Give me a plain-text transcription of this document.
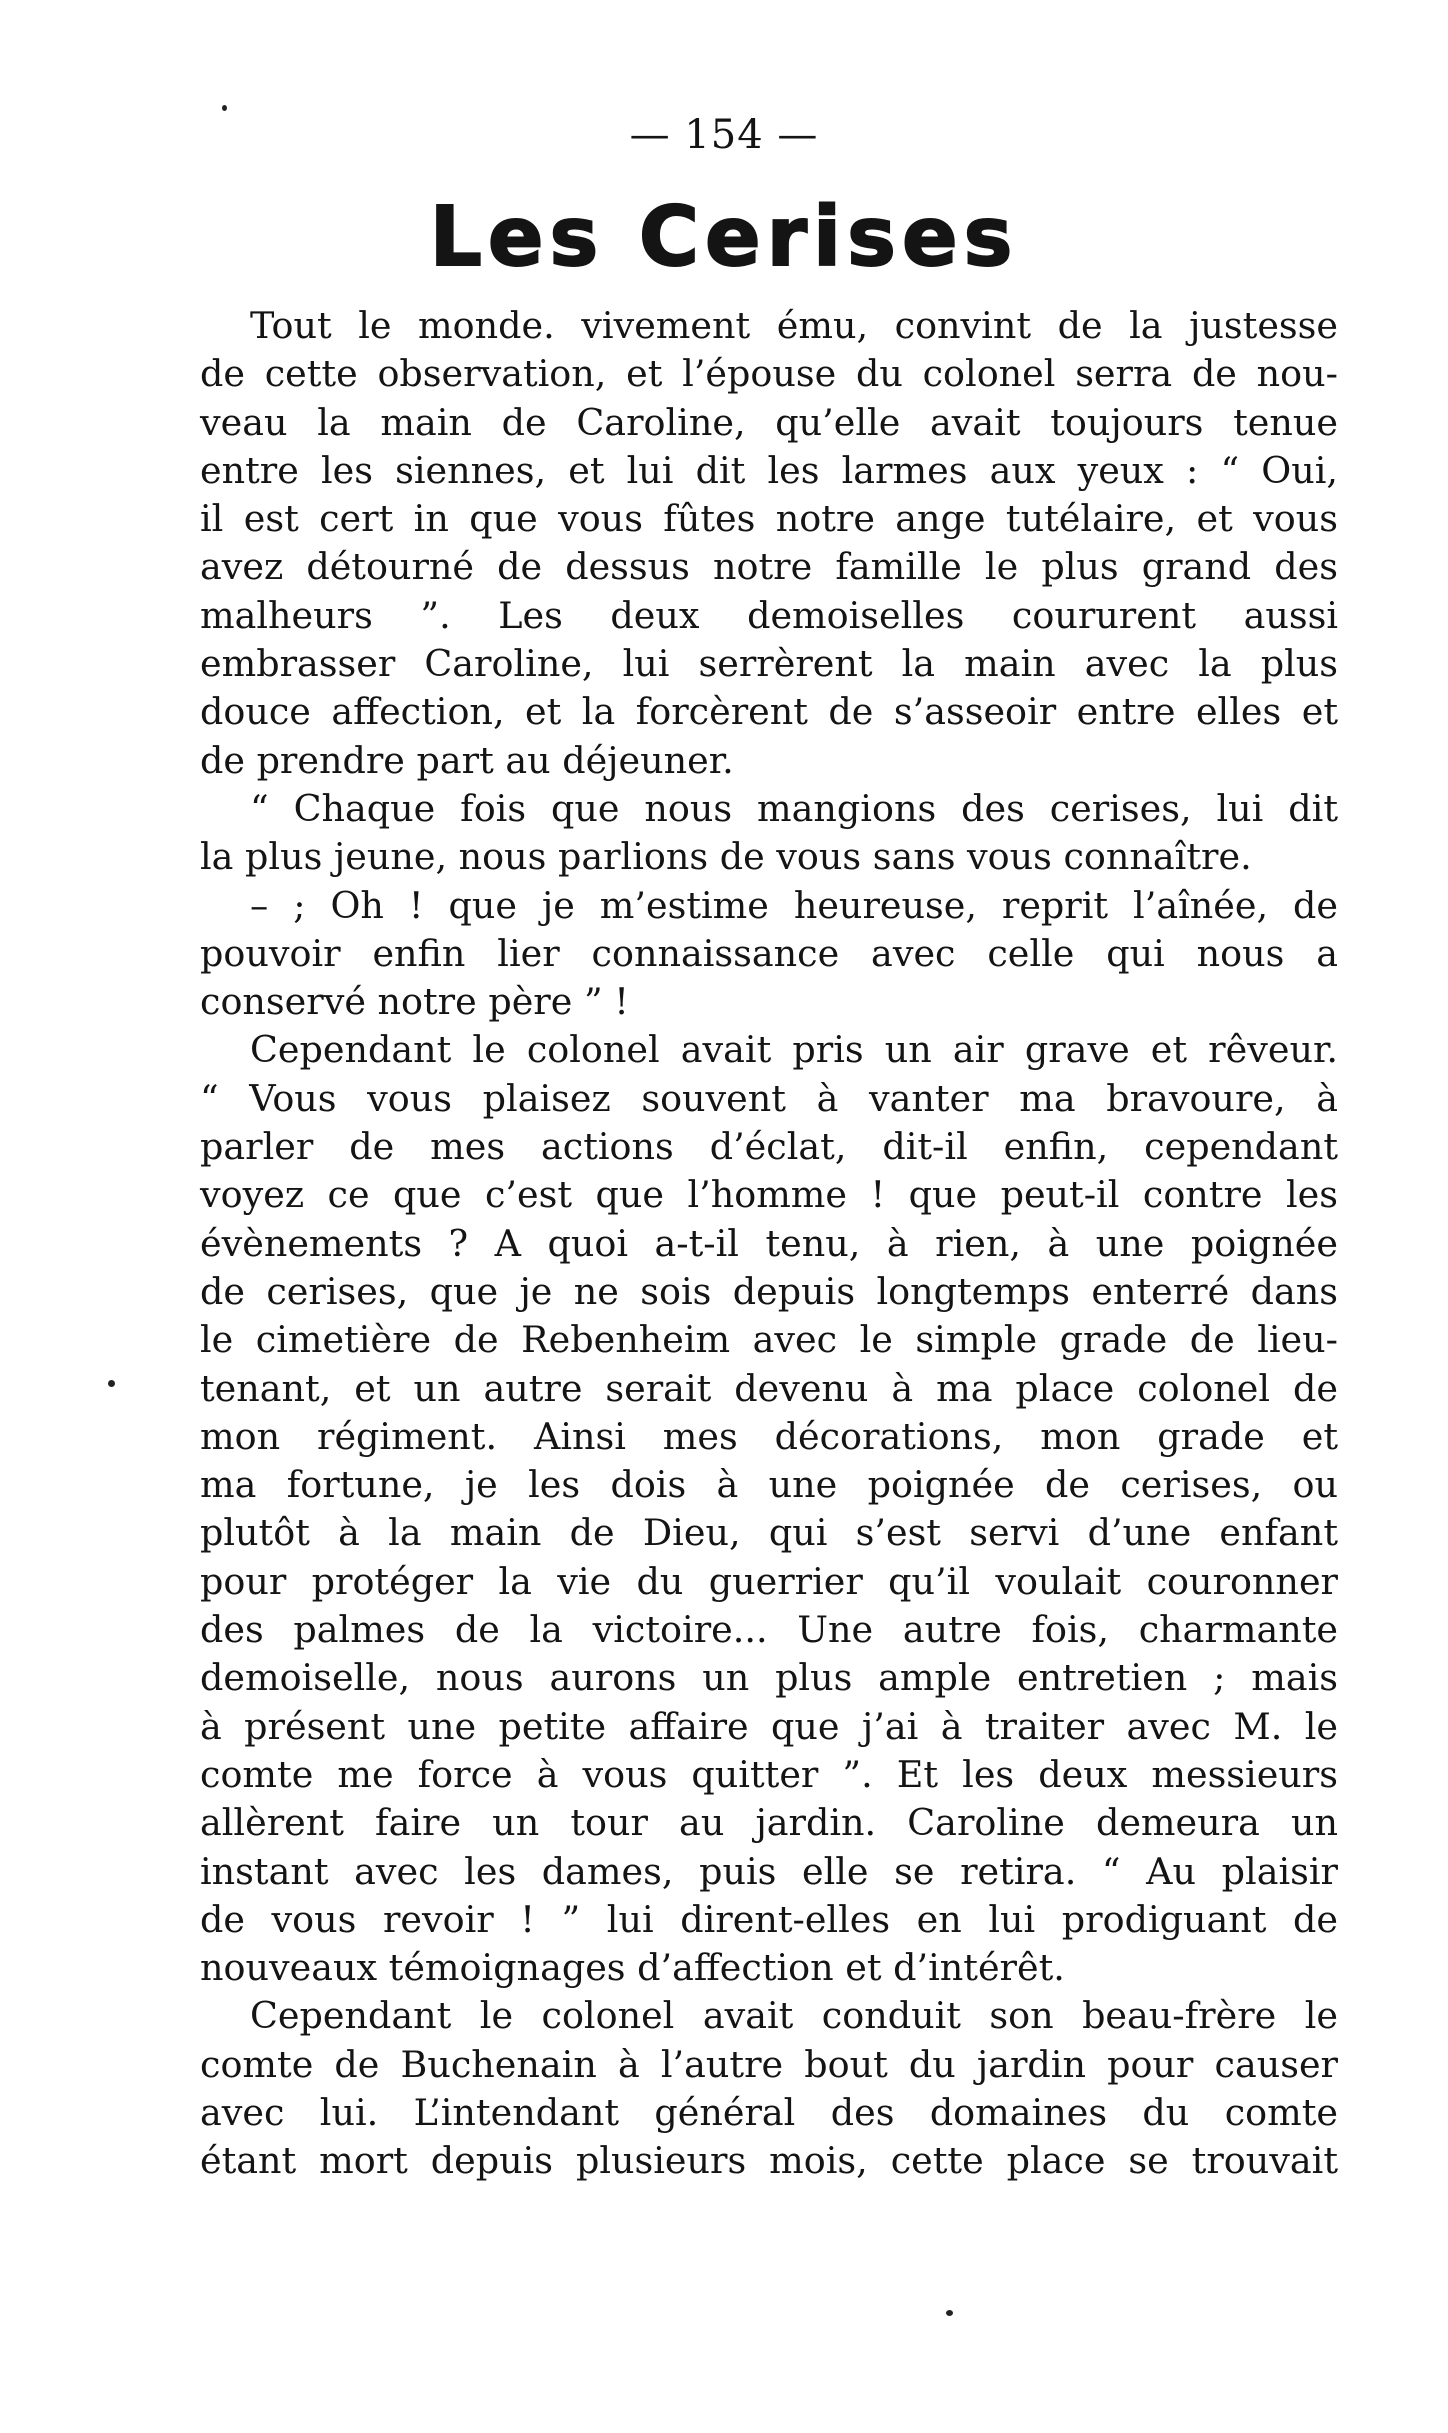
— 154 —
Les Cerises
Tout le monde. vivement ému, convint de la justesse
de cette observation, et l’épouse du colonel serra de nou-
veau la main de Caroline, qu’elle avait toujours tenue
entre les siennes, et lui dit les larmes aux yeux : “ Oui,
il est cert in que vous fûtes notre ange tutélaire, et vous
avez détourné de dessus notre famille le plus grand des
malheurs ”. Les deux demoiselles coururent aussi
embrasser Caroline, lui serrèrent la main avec la plus
douce affection, et la forcèrent de s’asseoir entre elles et
de prendre part au déjeuner.
“ Chaque fois que nous mangions des cerises, lui dit
la plus jeune, nous parlions de vous sans vous connaître.
– ; Oh ! que je m’estime heureuse, reprit l’aînée, de
pouvoir enfin lier connaissance avec celle qui nous a
conservé notre père ” !
Cependant le colonel avait pris un air grave et rêveur.
“ Vous vous plaisez souvent à vanter ma bravoure, à
parler de mes actions d’éclat, dit-il enfin, cependant
voyez ce que c’est que l’homme ! que peut-il contre les
évènements ? A quoi a-t-il tenu, à rien, à une poignée
de cerises, que je ne sois depuis longtemps enterré dans
le cimetière de Rebenheim avec le simple grade de lieu-
tenant, et un autre serait devenu à ma place colonel de
mon régiment. Ainsi mes décorations, mon grade et
ma fortune, je les dois à une poignée de cerises, ou
plutôt à la main de Dieu, qui s’est servi d’une enfant
pour protéger la vie du guerrier qu’il voulait couronner
des palmes de la victoire... Une autre fois, charmante
demoiselle, nous aurons un plus ample entretien ; mais
à présent une petite affaire que j’ai à traiter avec M. le
comte me force à vous quitter ”. Et les deux messieurs
allèrent faire un tour au jardin. Caroline demeura un
instant avec les dames, puis elle se retira. “ Au plaisir
de vous revoir ! ” lui dirent-elles en lui prodiguant de
nouveaux témoignages d’affection et d’intérêt.
Cependant le colonel avait conduit son beau-frère le
comte de Buchenain à l’autre bout du jardin pour causer
avec lui. L’intendant général des domaines du comte
étant mort depuis plusieurs mois, cette place se trouvait
